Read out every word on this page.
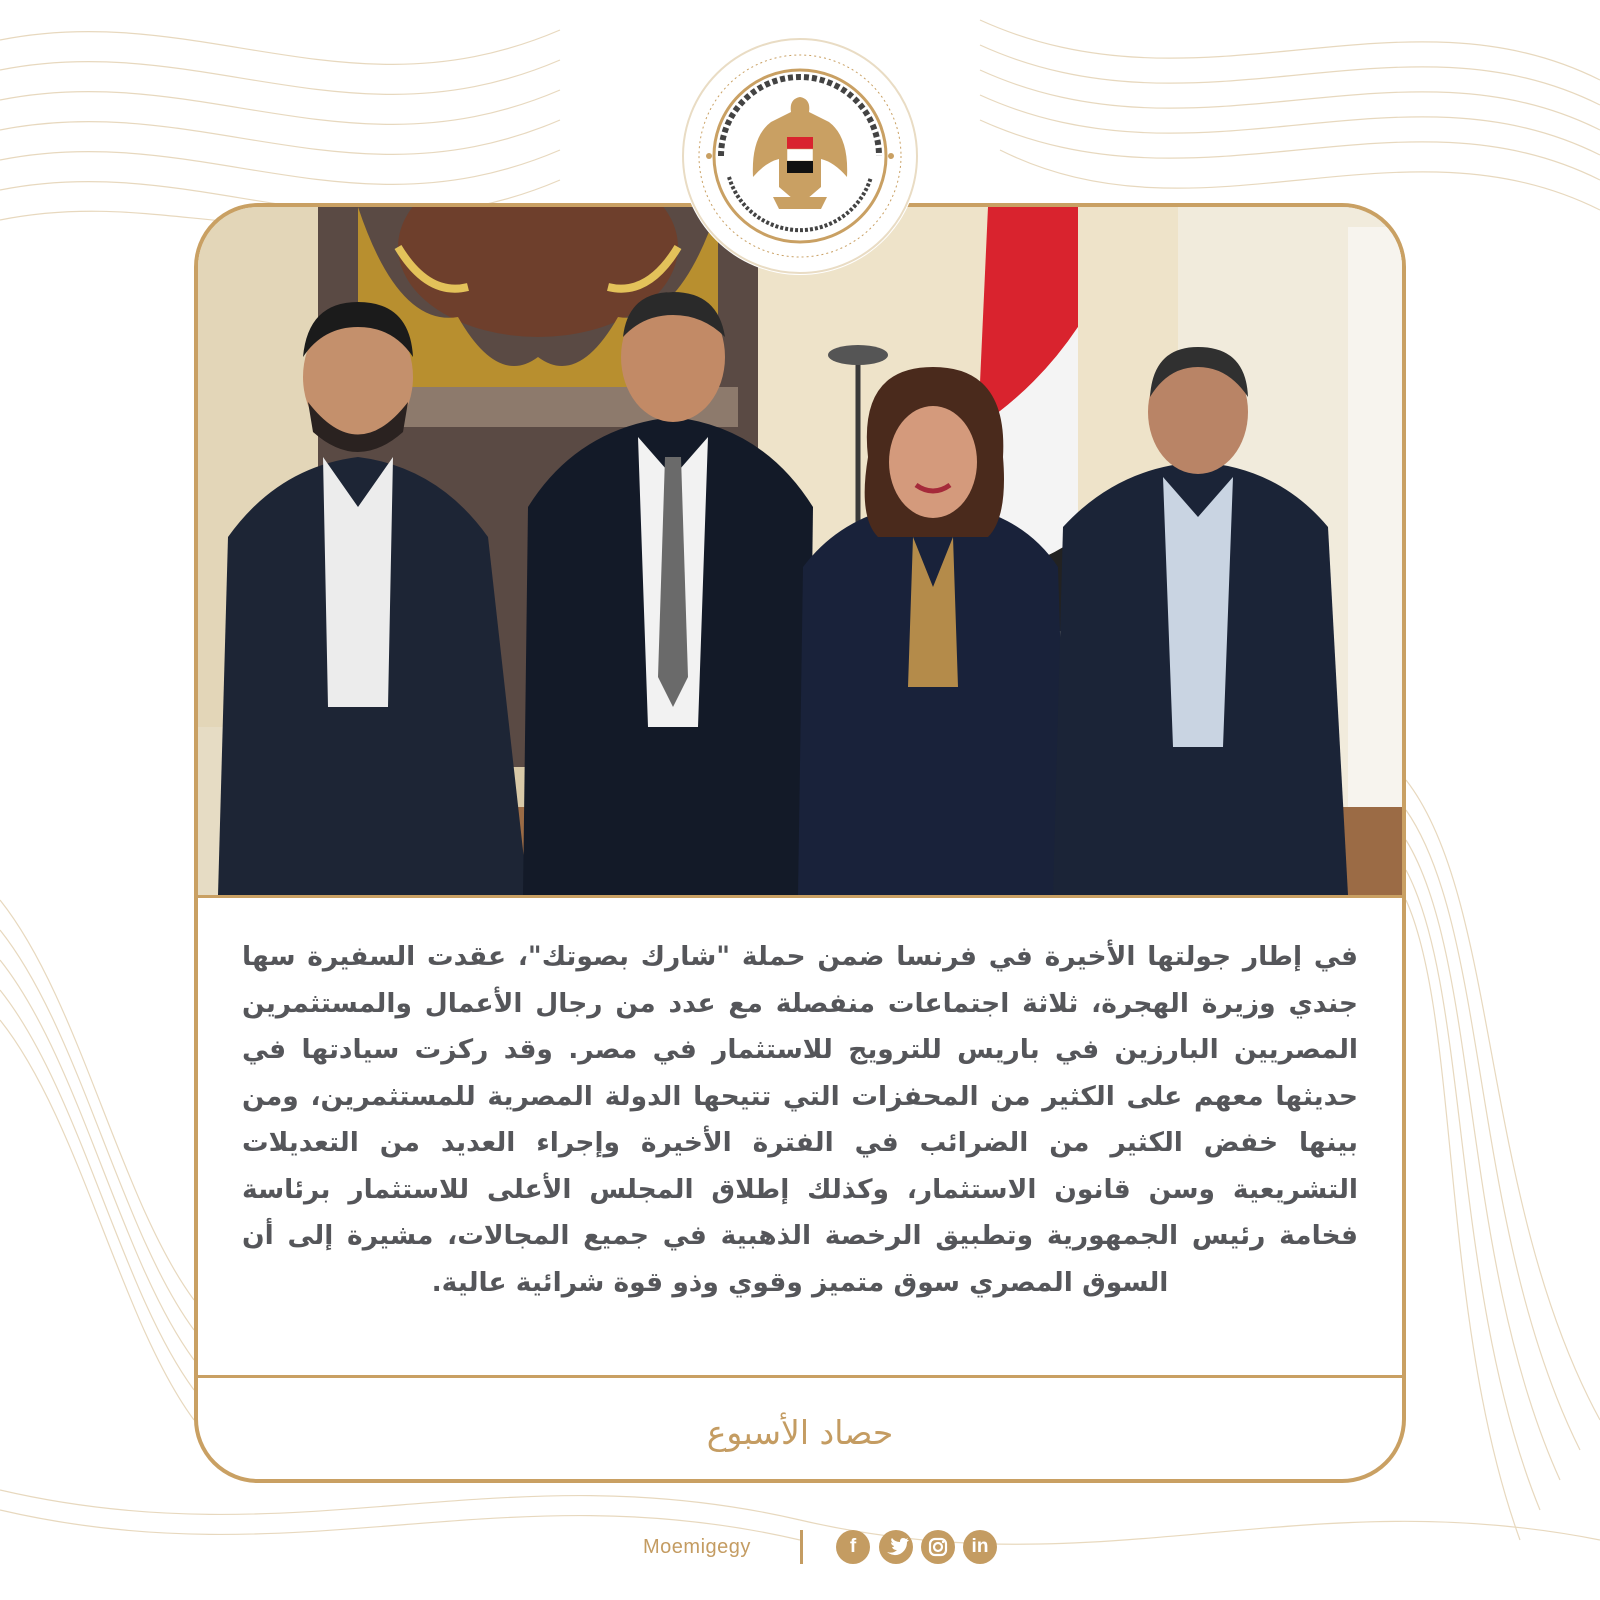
في إطار جولتها الأخيرة في فرنسا ضمن حملة "شارك بصوتك"، عقدت السفيرة سها جندي وزيرة الهجرة، ثلاثة اجتماعات منفصلة مع عدد من رجال الأعمال والمستثمرين المصريين البارزين في باريس للترويج للاستثمار في مصر. وقد ركزت سيادتها في حديثها معهم على الكثير من المحفزات التي تتيحها الدولة المصرية للمستثمرين، ومن بينها خفض الكثير من الضرائب في الفترة الأخيرة وإجراء العديد من التعديلات التشريعية وسن قانون الاستثمار، وكذلك إطلاق المجلس الأعلى للاستثمار برئاسة فخامة رئيس الجمهورية وتطبيق الرخصة الذهبية في جميع المجالات، مشيرة إلى أن السوق المصري سوق متميز وقوي وذو قوة شرائية عالية.
حصاد الأسبوع
Moemigegy	f	in
